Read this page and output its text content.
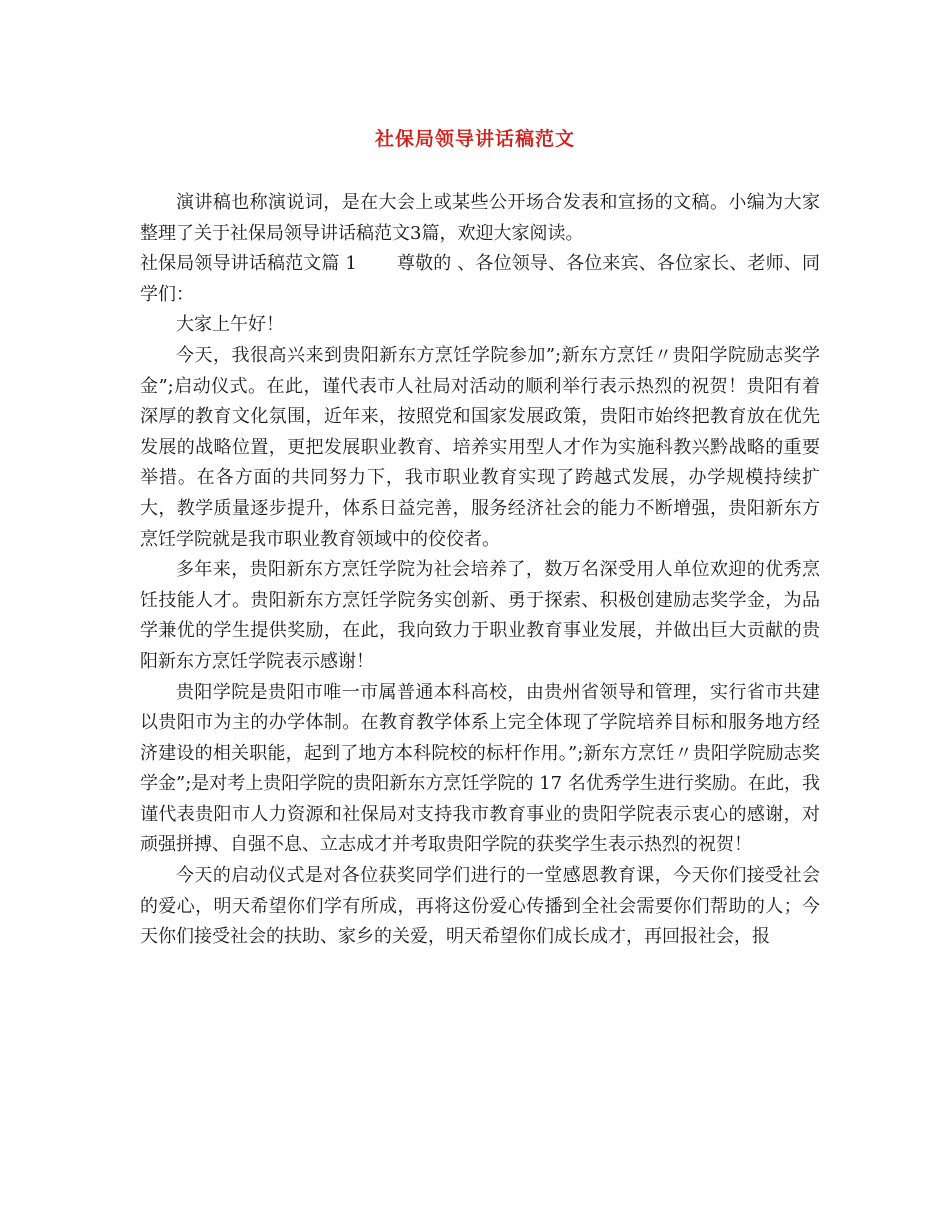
社保局领导讲话稿范文

演讲稿也称演说词，是在大会上或某些公开场合发表和宣扬的文稿。小编为大家整理了关于社保局领导讲话稿范文3篇，欢迎大家阅读。

社保局领导讲话稿范文篇 1 尊敬的 、各位领导、各位来宾、各位家长、老师、同学们：

大家上午好！

今天，我很高兴来到贵阳新东方烹饪学院参加”;新东方烹饪〃贵阳学院励志奖学金”;启动仪式。在此，谨代表市人社局对活动的顺利举行表示热烈的祝贺！贵阳有着深厚的教育文化氛围，近年来，按照党和国家发展政策，贵阳市始终把教育放在优先发展的战略位置，更把发展职业教育、培养实用型人才作为实施科教兴黔战略的重要举措。在各方面的共同努力下，我市职业教育实现了跨越式发展，办学规模持续扩大，教学质量逐步提升，体系日益完善，服务经济社会的能力不断增强，贵阳新东方烹饪学院就是我市职业教育领域中的佼佼者。

多年来，贵阳新东方烹饪学院为社会培养了，数万名深受用人单位欢迎的优秀烹饪技能人才。贵阳新东方烹饪学院务实创新、勇于探索、积极创建励志奖学金，为品学兼优的学生提供奖励，在此，我向致力于职业教育事业发展，并做出巨大贡献的贵阳新东方烹饪学院表示感谢！

贵阳学院是贵阳市唯一市属普通本科高校，由贵州省领导和管理，实行省市共建以贵阳市为主的办学体制。在教育教学体系上完全体现了学院培养目标和服务地方经济建设的相关职能，起到了地方本科院校的标杆作用。”;新东方烹饪〃贵阳学院励志奖学金”;是对考上贵阳学院的贵阳新东方烹饪学院的 17 名优秀学生进行奖励。在此，我谨代表贵阳市人力资源和社保局对支持我市教育事业的贵阳学院表示衷心的感谢，对顽强拼搏、自强不息、立志成才并考取贵阳学院的获奖学生表示热烈的祝贺！

今天的启动仪式是对各位获奖同学们进行的一堂感恩教育课，今天你们接受社会的爱心，明天希望你们学有所成，再将这份爱心传播到全社会需要你们帮助的人；今天你们接受社会的扶助、家乡的关爱，明天希望你们成长成才，再回报社会，报
